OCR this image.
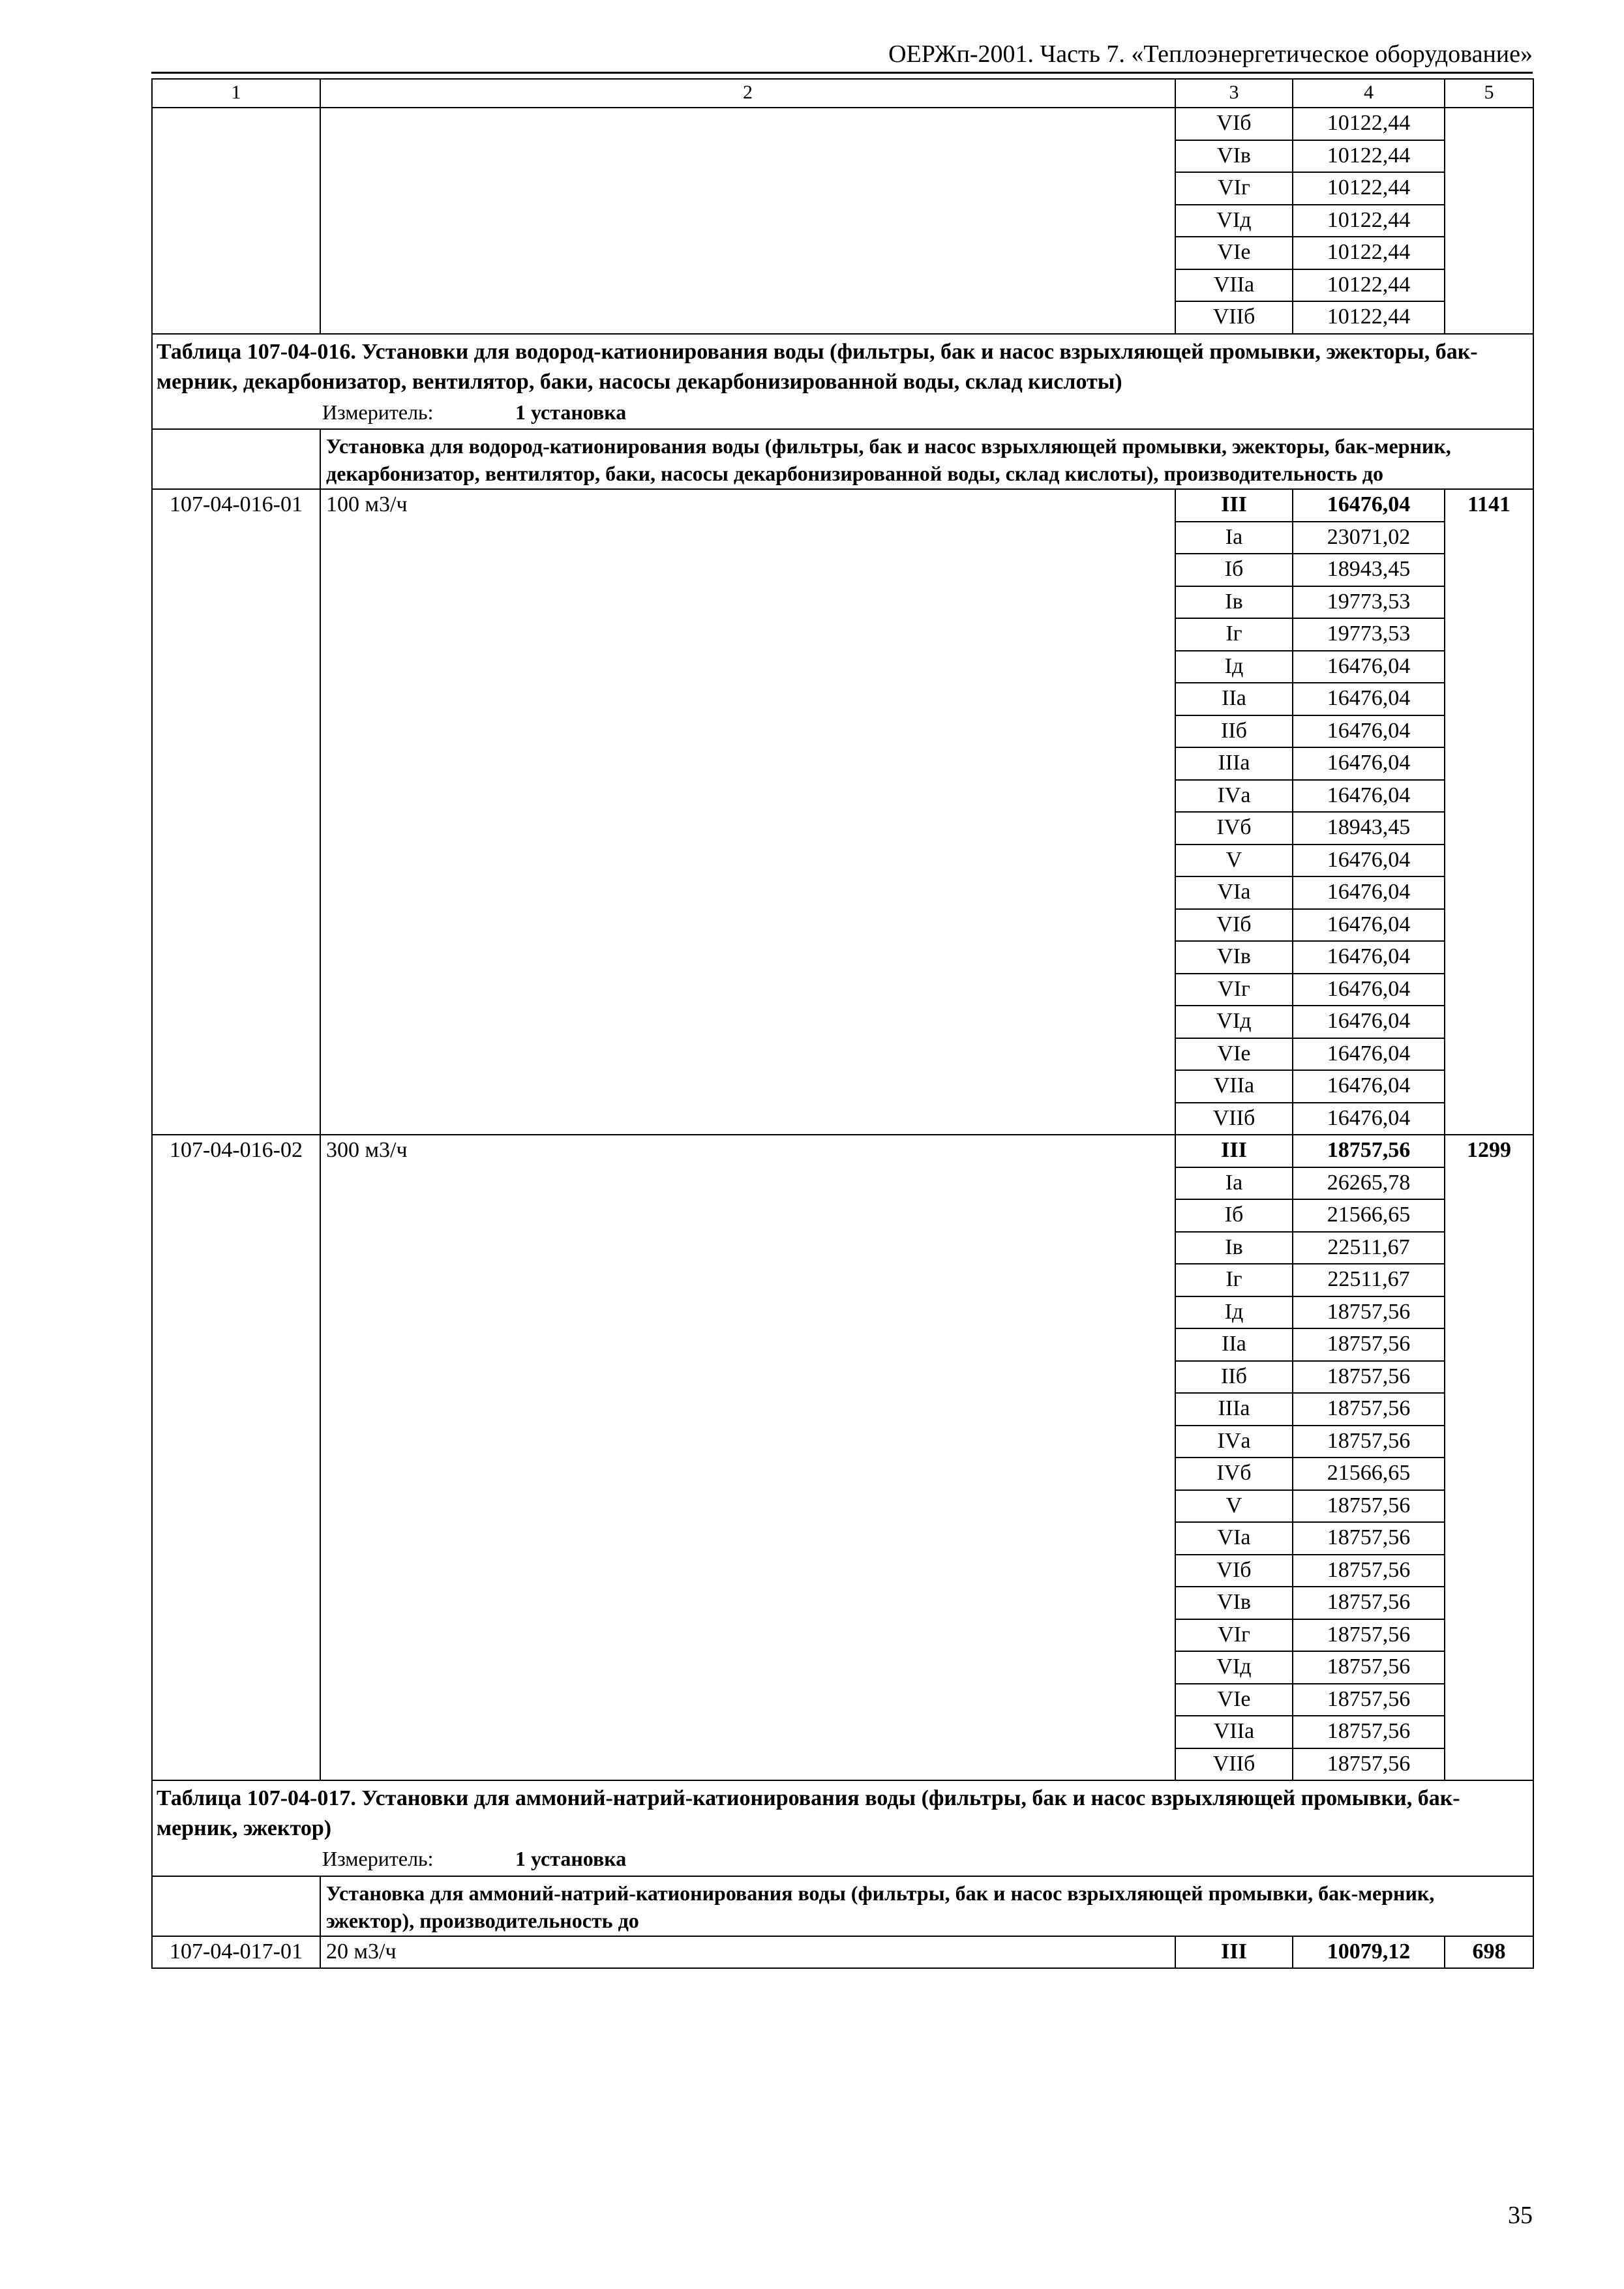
ОЕРЖп-2001. Часть 7. «Теплоэнергетическое оборудование»
1	2	3	4	5
		VIб	10122,44	
		VIв	10122,44	
		VIг	10122,44	
		VIд	10122,44	
		VIе	10122,44	
		VIIа	10122,44	
		VIIб	10122,44	
Таблица 107-04-016. Установки для водород-катионирования воды (фильтры, бак и насос взрыхляющей промывки, эжекторы, бак-мерник, декарбонизатор, вентилятор, баки, насосы декарбонизированной воды, склад кислоты)				

Измеритель: 1 установка				

	Установка для водород-катионирования воды (фильтры, бак и насос взрыхляющей промывки, эжекторы, бак-мерник, декарбонизатор, вентилятор, баки, насосы декарбонизированной воды, склад кислоты), производительность до			
107-04-016-01	100 м3/ч	III	16476,04	1141
		Iа	23071,02	
		Iб	18943,45	
		Iв	19773,53	
		Iг	19773,53	
		Iд	16476,04	
		IIа	16476,04	
		IIб	16476,04	
		IIIа	16476,04	
		IVа	16476,04	
		IVб	18943,45	
		V	16476,04	
		VIа	16476,04	
		VIб	16476,04	
		VIв	16476,04	
		VIг	16476,04	
		VIд	16476,04	
		VIе	16476,04	
		VIIа	16476,04	
		VIIб	16476,04	
107-04-016-02	300 м3/ч	III	18757,56	1299
		Iа	26265,78	
		Iб	21566,65	
		Iв	22511,67	
		Iг	22511,67	
		Iд	18757,56	
		IIа	18757,56	
		IIб	18757,56	
		IIIа	18757,56	
		IVа	18757,56	
		IVб	21566,65	
		V	18757,56	
		VIа	18757,56	
		VIб	18757,56	
		VIв	18757,56	
		VIг	18757,56	
		VIд	18757,56	
		VIе	18757,56	
		VIIа	18757,56	
		VIIб	18757,56	
Таблица 107-04-017. Установки для аммоний-натрий-катионирования воды (фильтры, бак и насос взрыхляющей промывки, бак-мерник, эжектор)				

Измеритель: 1 установка				

	Установка для аммоний-натрий-катионирования воды (фильтры, бак и насос взрыхляющей промывки, бак-мерник, эжектор), производительность до			
107-04-017-01	20 м3/ч	III	10079,12	698
35
